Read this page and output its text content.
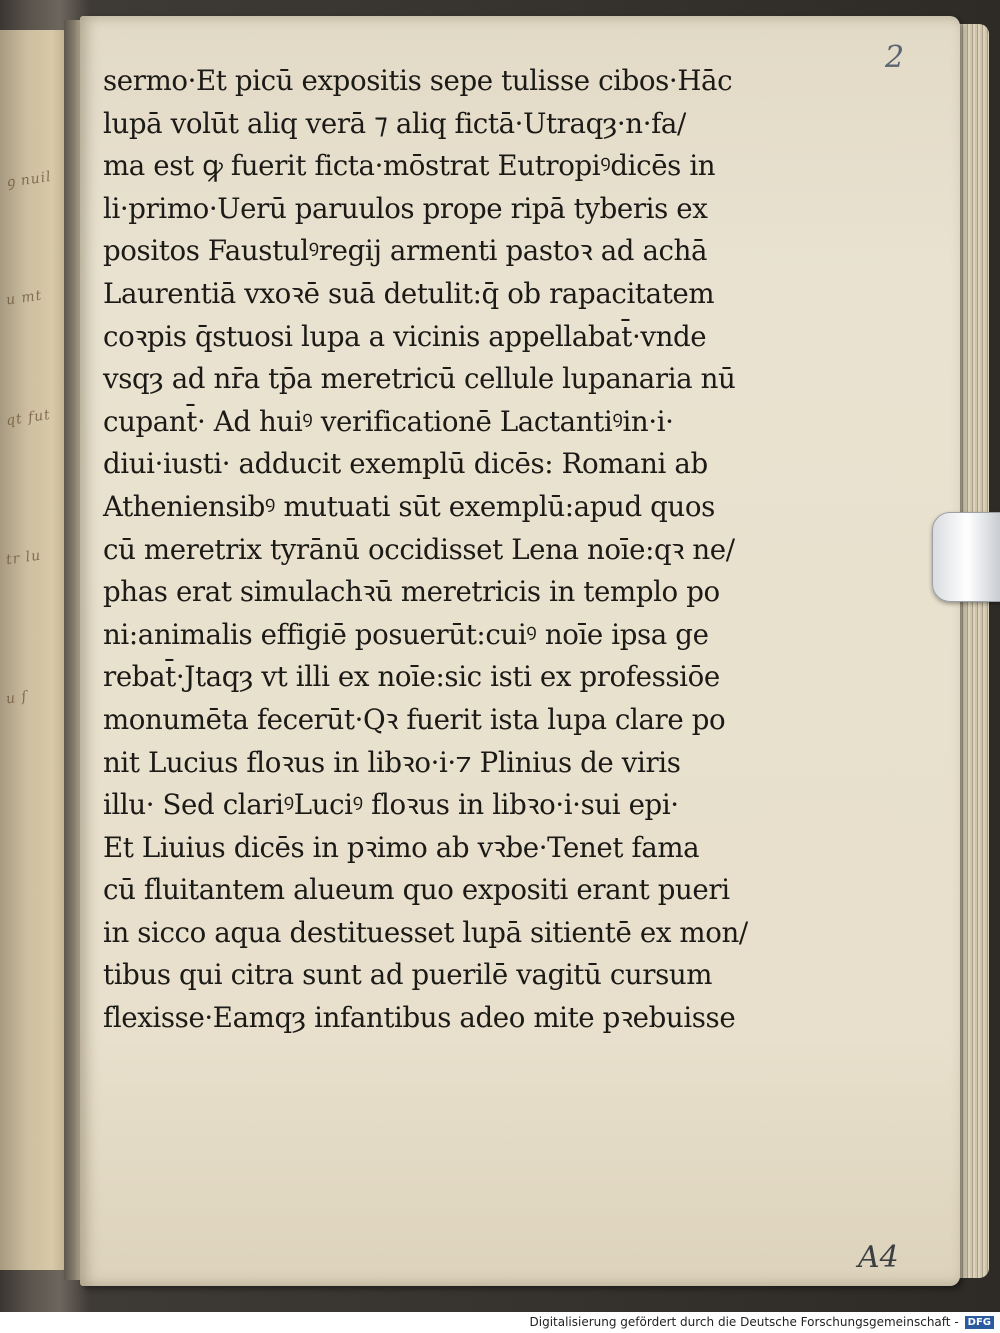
ꝯ nuil
u mt
qt fut
tr lu
u ſ
2
sermo·Et picū expositis sepe tulisse cibos·Hāc
lupā volūt aliq verā ⁊ aliq fictā·Utraqȝ·n·fa/
ma est ꝙ fuerit ficta·mōstrat Eutropiꝰdicēs in
li·primo·Uerū paruulos prope ripā tyberis ex
positos Faustulꝰregij armenti pastoꝛ ad achā
Laurentiā vxoꝛē suā detulit:q̄ ob rapacitatem
coꝛpis q̄stuosi lupa a vicinis appellabat̄·vnde
vsqȝ ad nr̄a tp̄a meretricū cellule lupanaria nū
cupant̄· Ad huiꝰ verificationē Lactantiꝰin·i·
diui·iusti· adducit exemplū dicēs: Romani ab
Atheniensibꝰ mutuati sūt exemplū:apud quos
cū meretrix tyrānū occidisset Lena noīe:qꝛ ne/
phas erat simulachꝛū meretricis in templo po
ni:animalis effigiē posuerūt:cuiꝰ noīe ipsa ge
rebat̄·Jtaqȝ vt illi ex noīe:sic isti ex professiōe
monumēta fecerūt·Qꝛ fuerit ista lupa clare po
nit Lucius floꝛus in libꝛo·i·⁊ Plinius de viris
illu· Sed clariꝰLuciꝰ floꝛus in libꝛo·i·sui epi·
Et Liuius dicēs in pꝛimo ab vꝛbe·Tenet fama
cū fluitantem alueum quo expositi erant pueri
in sicco aqua destituesset lupā sitientē ex mon/
tibus qui citra sunt ad puerilē vagitū cursum
flexisse·Eamqȝ infantibus adeo mite pꝛebuisse
A4
Digitalisierung gefördert durch die Deutsche Forschungsgemeinschaft - DFG
